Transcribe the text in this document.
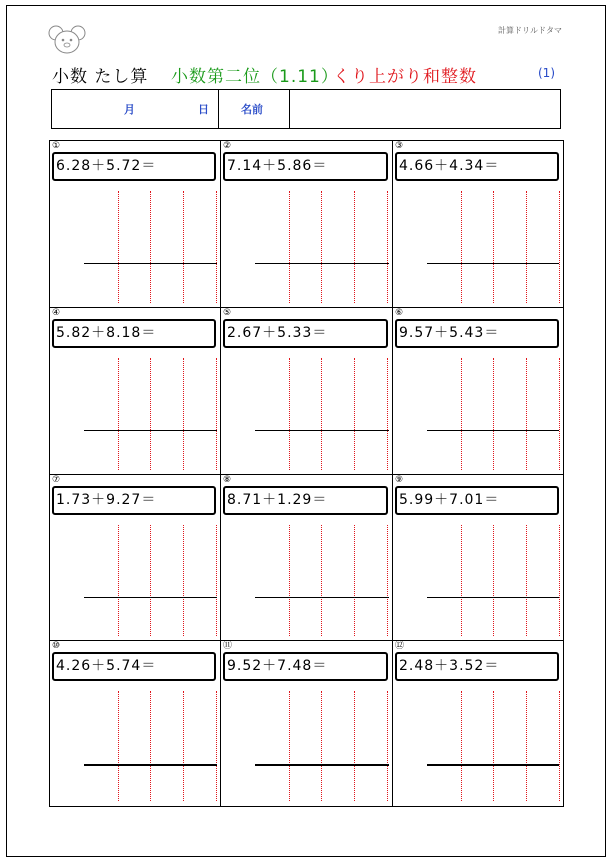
計算ドリルドタマ
小数 たし算 小数第二位（1.11）
くり上がり和整数	(1)
月	日	名前
①
6.28＋5.72＝
②
7.14＋5.86＝
③
4.66＋4.34＝
④
5.82＋8.18＝
⑤
2.67＋5.33＝
⑥
9.57＋5.43＝
⑦
1.73＋9.27＝
⑧
8.71＋1.29＝
⑨
5.99＋7.01＝
⑩
4.26＋5.74＝
⑪
9.52＋7.48＝
⑫
2.48＋3.52＝
